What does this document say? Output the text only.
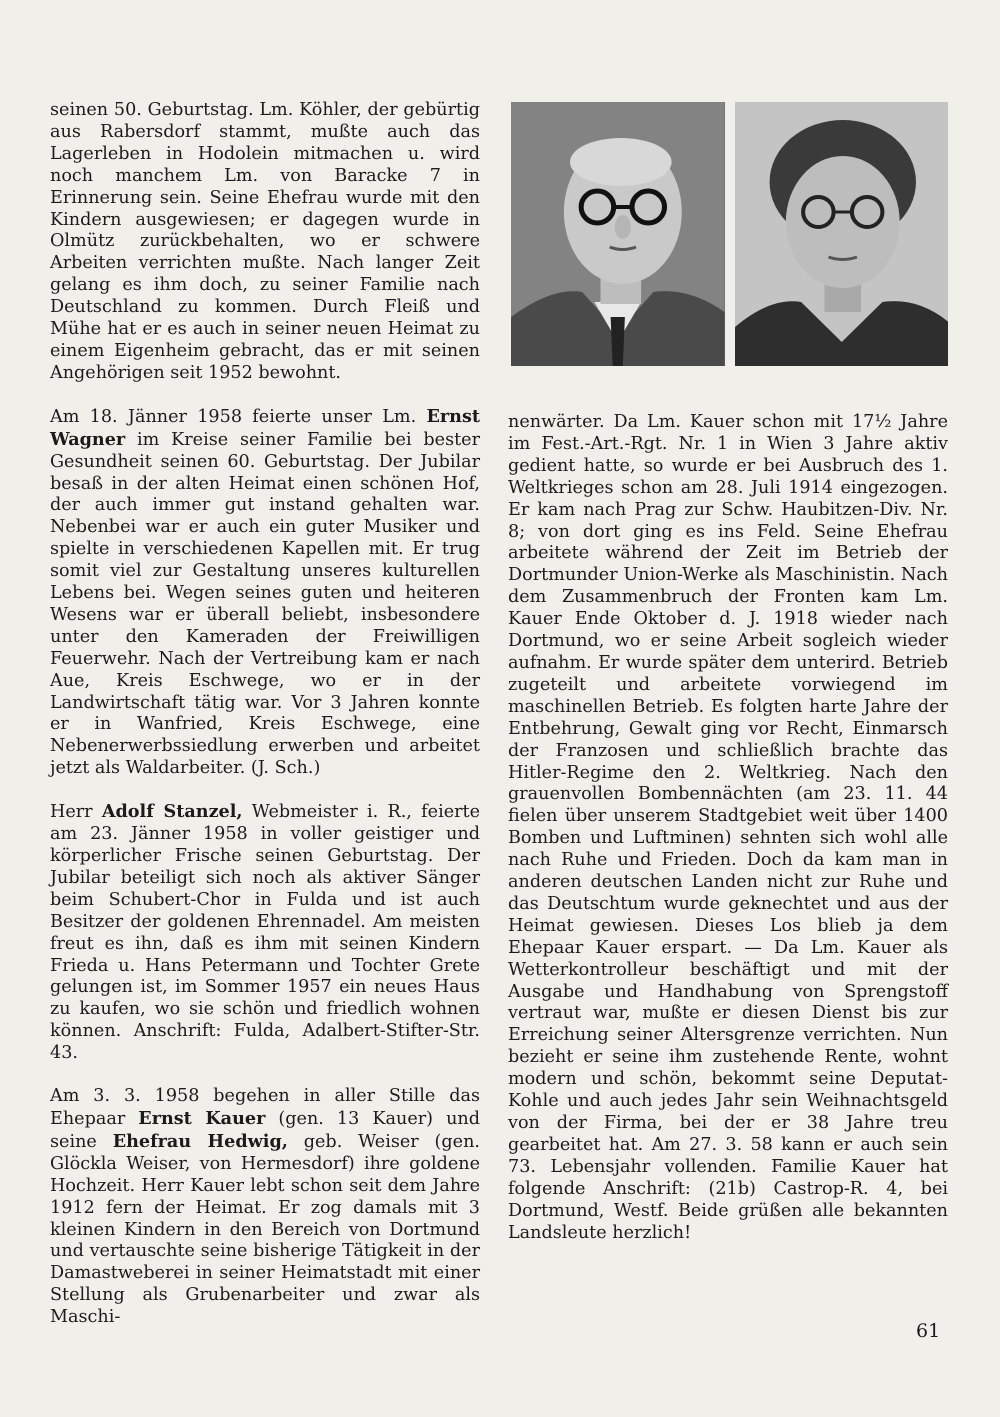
seinen 50. Geburtstag. Lm. Köhler, der gebürtig aus Rabersdorf stammt, mußte auch das Lagerleben in Hodolein mitmachen u. wird noch manchem Lm. von Baracke 7 in Erinnerung sein. Seine Ehefrau wurde mit den Kindern ausgewiesen; er dagegen wurde in Olmütz zurückbehalten, wo er schwere Arbeiten verrichten mußte. Nach langer Zeit gelang es ihm doch, zu seiner Familie nach Deutschland zu kommen. Durch Fleiß und Mühe hat er es auch in seiner neuen Heimat zu einem Eigenheim gebracht, das er mit seinen Angehörigen seit 1952 bewohnt.

Am 18. Jänner 1958 feierte unser Lm. Ernst Wagner im Kreise seiner Familie bei bester Gesundheit seinen 60. Geburtstag. Der Jubilar besaß in der alten Heimat einen schönen Hof, der auch immer gut instand gehalten war. Nebenbei war er auch ein guter Musiker und spielte in verschiedenen Kapellen mit. Er trug somit viel zur Gestaltung unseres kulturellen Lebens bei. Wegen seines guten und heiteren Wesens war er überall beliebt, insbesondere unter den Kameraden der Freiwilligen Feuerwehr. Nach der Vertreibung kam er nach Aue, Kreis Eschwege, wo er in der Landwirtschaft tätig war. Vor 3 Jahren konnte er in Wanfried, Kreis Eschwege, eine Nebenerwerbssiedlung erwerben und arbeitet jetzt als Waldarbeiter. (J. Sch.)

Herr Adolf Stanzel, Webmeister i. R., feierte am 23. Jänner 1958 in voller geistiger und körperlicher Frische seinen Geburtstag. Der Jubilar beteiligt sich noch als aktiver Sänger beim Schubert-Chor in Fulda und ist auch Besitzer der goldenen Ehrennadel. Am meisten freut es ihn, daß es ihm mit seinen Kindern Frieda u. Hans Petermann und Tochter Grete gelungen ist, im Sommer 1957 ein neues Haus zu kaufen, wo sie schön und friedlich wohnen können. Anschrift: Fulda, Adalbert-Stifter-Str. 43.

Am 3. 3. 1958 begehen in aller Stille das Ehepaar Ernst Kauer (gen. 13 Kauer) und seine Ehefrau Hedwig, geb. Weiser (gen. Glöckla Weiser, von Hermesdorf) ihre goldene Hochzeit. Herr Kauer lebt schon seit dem Jahre 1912 fern der Heimat. Er zog damals mit 3 kleinen Kindern in den Bereich von Dortmund und vertauschte seine bisherige Tätigkeit in der Damastweberei in seiner Heimatstadt mit einer Stellung als Grubenarbeiter und zwar als Maschi-

nenwärter. Da Lm. Kauer schon mit 17½ Jahre im Fest.-Art.-Rgt. Nr. 1 in Wien 3 Jahre aktiv gedient hatte, so wurde er bei Ausbruch des 1. Weltkrieges schon am 28. Juli 1914 eingezogen. Er kam nach Prag zur Schw. Haubitzen-Div. Nr. 8; von dort ging es ins Feld. Seine Ehefrau arbeitete während der Zeit im Betrieb der Dortmunder Union-Werke als Maschinistin. Nach dem Zusammenbruch der Fronten kam Lm. Kauer Ende Oktober d. J. 1918 wieder nach Dortmund, wo er seine Arbeit sogleich wieder aufnahm. Er wurde später dem unterird. Betrieb zugeteilt und arbeitete vorwiegend im maschinellen Betrieb. Es folgten harte Jahre der Entbehrung, Gewalt ging vor Recht, Einmarsch der Franzosen und schließlich brachte das Hitler-Regime den 2. Weltkrieg. Nach den grauenvollen Bombennächten (am 23. 11. 44 fielen über unserem Stadtgebiet weit über 1400 Bomben und Luftminen) sehnten sich wohl alle nach Ruhe und Frieden. Doch da kam man in anderen deutschen Landen nicht zur Ruhe und das Deutschtum wurde geknechtet und aus der Heimat gewiesen. Dieses Los blieb ja dem Ehepaar Kauer erspart. — Da Lm. Kauer als Wetterkontrolleur beschäftigt und mit der Ausgabe und Handhabung von Sprengstoff vertraut war, mußte er diesen Dienst bis zur Erreichung seiner Altersgrenze verrichten. Nun bezieht er seine ihm zustehende Rente, wohnt modern und schön, bekommt seine Deputat-Kohle und auch jedes Jahr sein Weihnachtsgeld von der Firma, bei der er 38 Jahre treu gearbeitet hat. Am 27. 3. 58 kann er auch sein 73. Lebensjahr vollenden. Familie Kauer hat folgende Anschrift: (21b) Castrop-R. 4, bei Dortmund, Westf. Beide grüßen alle bekannten Landsleute herzlich!

61
